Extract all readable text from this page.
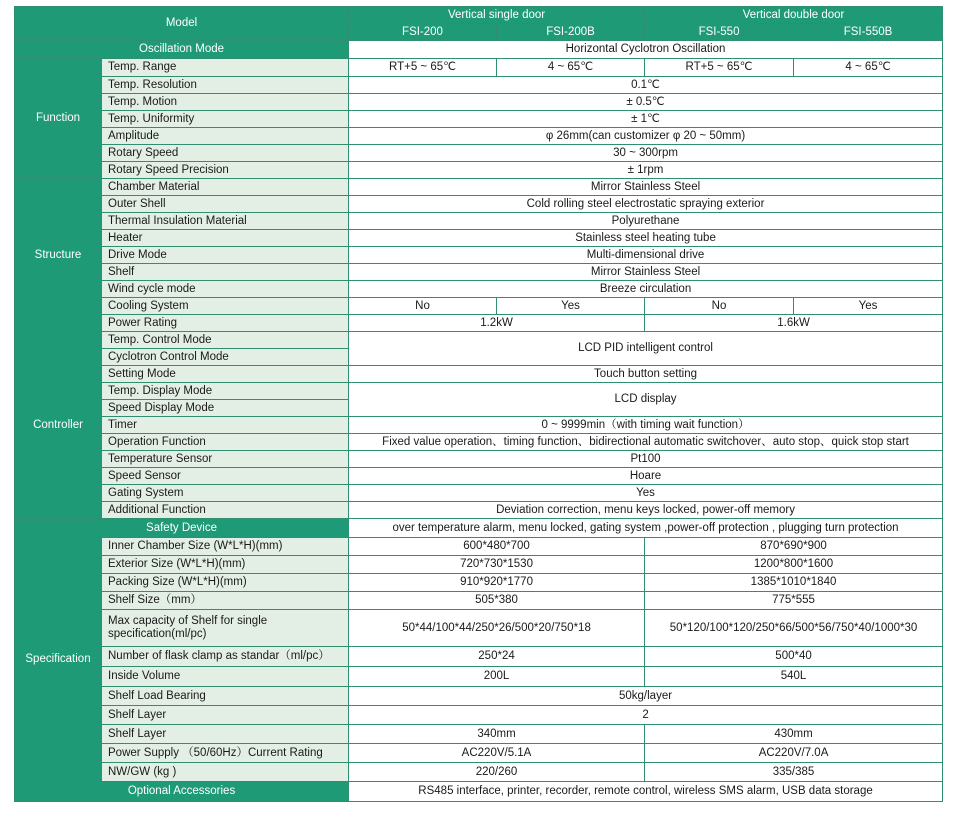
Model		Vertical single door		Vertical double door	
		FSI-200	FSI-200B	FSI-550	FSI-550B
Oscillation Mode		Horizontal Cyclotron Oscillation			
Function	Temp. Range	RT+5 ~ 65℃	4 ~ 65℃	RT+5 ~ 65℃	4 ~ 65℃
	Temp. Resolution	0.1℃			
	Temp. Motion	± 0.5℃			
	Temp. Uniformity	± 1℃			
	Amplitude	φ 26mm(can customizer φ 20 ~ 50mm)			
	Rotary Speed	30 ~ 300rpm			
	Rotary Speed Precision	± 1rpm			
Structure	Chamber Material	Mirror Stainless Steel			
	Outer Shell	Cold rolling steel electrostatic spraying exterior			
	Thermal Insulation Material	Polyurethane			
	Heater	Stainless steel heating tube			
	Drive Mode	Multi-dimensional drive			
	Shelf	Mirror Stainless Steel			
	Wind cycle mode	Breeze circulation			
	Cooling System	No	Yes	No	Yes
	Power Rating	1.2kW		1.6kW	
Controller	Temp. Control Mode	LCD PID intelligent control			
	Cyclotron Control Mode				
	Setting Mode	Touch button setting			
	Temp. Display Mode	LCD display			
	Speed Display Mode				
	Timer	0 ~ 9999min（with timing wait function）			
	Operation Function	Fixed value operation、timing function、bidirectional automatic switchover、auto stop、quick stop start			
	Temperature Sensor	Pt100			
	Speed Sensor	Hoare			
	Gating System	Yes			
	Additional Function	Deviation correction, menu keys locked, power-off memory			
Safety Device		over temperature alarm, menu locked, gating system ,power-off protection , plugging turn protection			
Specification	Inner Chamber Size (W*L*H)(mm)	600*480*700		870*690*900	
	Exterior Size (W*L*H)(mm)	720*730*1530		1200*800*1600	
	Packing Size (W*L*H)(mm)	910*920*1770		1385*1010*1840	
	Shelf Size（mm）	505*380		775*555	
	Max capacity of Shelf for single specification(ml/pc)	50*44/100*44/250*26/500*20/750*18		50*120/100*120/250*66/500*56/750*40/1000*30	
	Number of flask clamp as standar（ml/pc）	250*24		500*40	
	Inside Volume	200L		540L	
	Shelf Load Bearing	50kg/layer			
	Shelf Layer	2			
	Shelf Layer	340mm		430mm	
	Power Supply （50/60Hz）Current Rating	AC220V/5.1A		AC220V/7.0A	
	NW/GW (kg )	220/260		335/385	
Optional Accessories		RS485 interface, printer, recorder, remote control, wireless SMS alarm, USB data storage			
